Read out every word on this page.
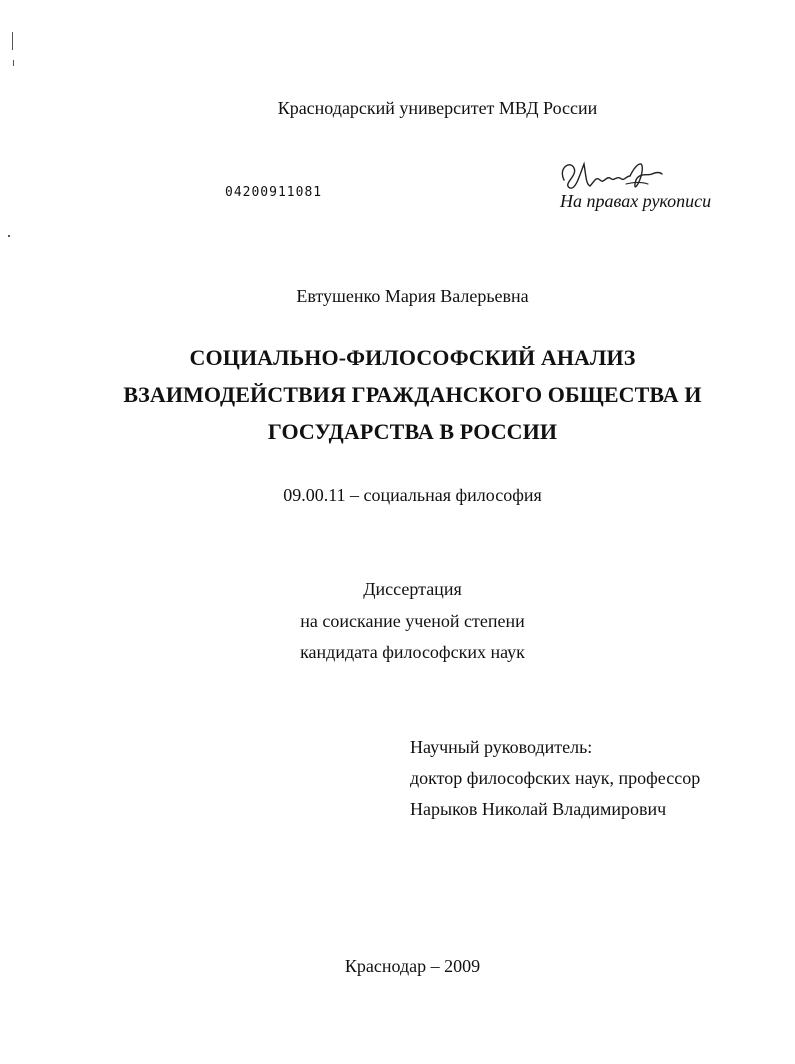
Краснодарский университет МВД России
04200911081	На правах рукописи
Евтушенко Мария Валерьевна
СОЦИАЛЬНО-ФИЛОСОФСКИЙ АНАЛИЗ
ВЗАИМОДЕЙСТВИЯ ГРАЖДАНСКОГО ОБЩЕСТВА И
ГОСУДАРСТВА В РОССИИ
09.00.11 – социальная философия
Диссертация
на соискание ученой степени
кандидата философских наук
Научный руководитель:
доктор философских наук, профессор
Нарыков Николай Владимирович
Краснодар – 2009
